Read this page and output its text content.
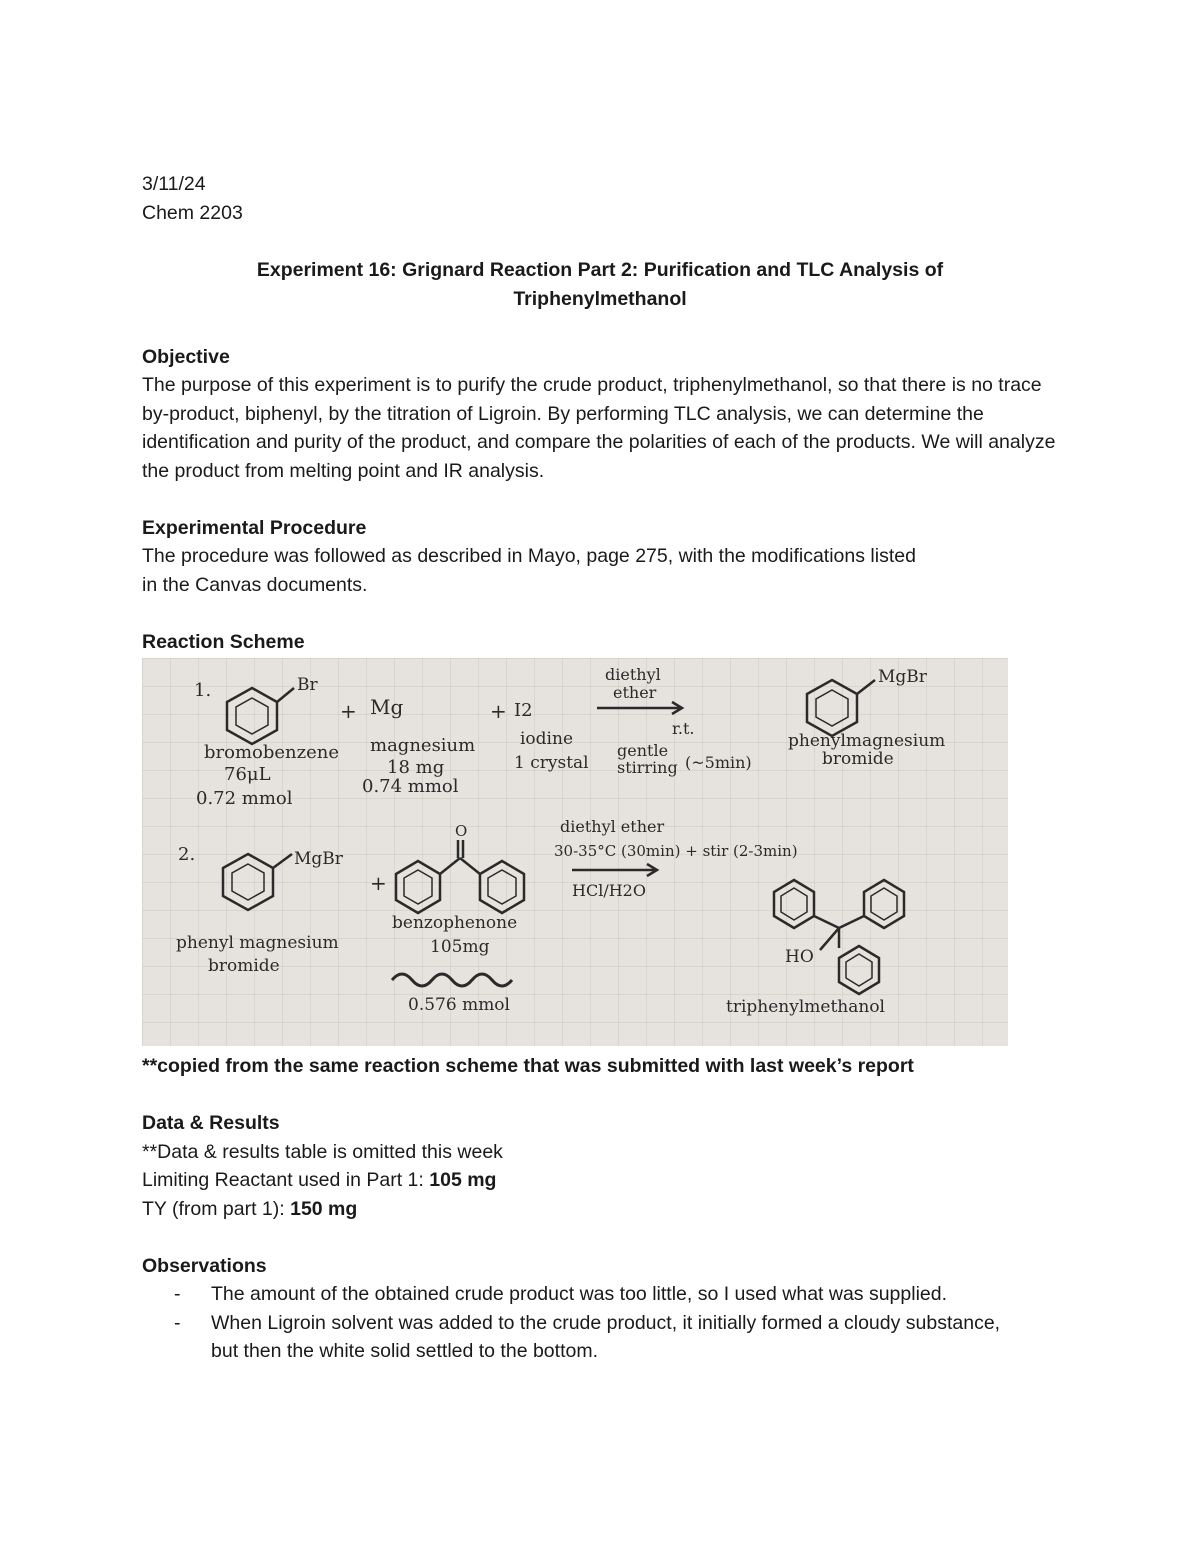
3/11/24
Chem 2203
Experiment 16: Grignard Reaction Part 2: Purification and TLC Analysis of
Triphenylmethanol
Objective
The purpose of this experiment is to purify the crude product, triphenylmethanol, so that there is no trace by-product, biphenyl, by the titration of Ligroin. By performing TLC analysis, we can determine the identification and purity of the product, and compare the polarities of each of the products. We will analyze the product from melting point and IR analysis.
Experimental Procedure
The procedure was followed as described in Mayo, page 275, with the modifications listed
in the Canvas documents.
Reaction Scheme
1.	Br
bromobenzene
76μL
0.72 mmol
+ Mg
magnesium
18 mg
0.74 mmol
+ I2
iodine
1 crystal
diethyl
ether
r.t.
gentle
stirring (~5min)
MgBr
phenylmagnesium
bromide
2.	MgBr
phenyl magnesium
bromide
+
O
benzophenone
105mg
0.576 mmol
diethyl ether
30-35°C (30min) + stir (2-3min)
HCl/H2O
HO
triphenylmethanol
**copied from the same reaction scheme that was submitted with last week’s report
Data & Results
**Data & results table is omitted this week
Limiting Reactant used in Part 1: 105 mg
TY (from part 1): 150 mg
Observations
- The amount of the obtained crude product was too little, so I used what was supplied.
- When Ligroin solvent was added to the crude product, it initially formed a cloudy substance, but then the white solid settled to the bottom.
